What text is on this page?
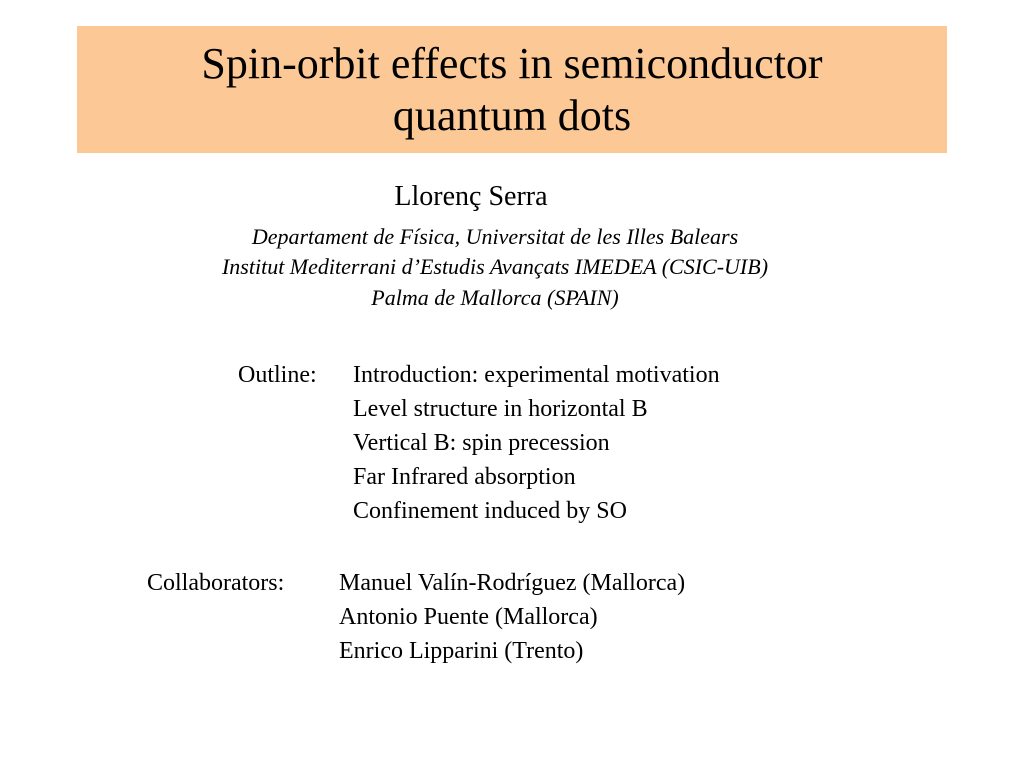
Spin-orbit effects in semiconductor
quantum dots
Llorenç Serra
Departament de Física, Universitat de les Illes Balears
Institut Mediterrani d’Estudis Avançats IMEDEA (CSIC-UIB)
Palma de Mallorca (SPAIN)
Outline: Introduction: experimental motivation
Level structure in horizontal B
Vertical B: spin precession
Far Infrared absorption
Confinement induced by SO
Collaborators: Manuel Valín-Rodríguez (Mallorca)
Antonio Puente (Mallorca)
Enrico Lipparini (Trento)
